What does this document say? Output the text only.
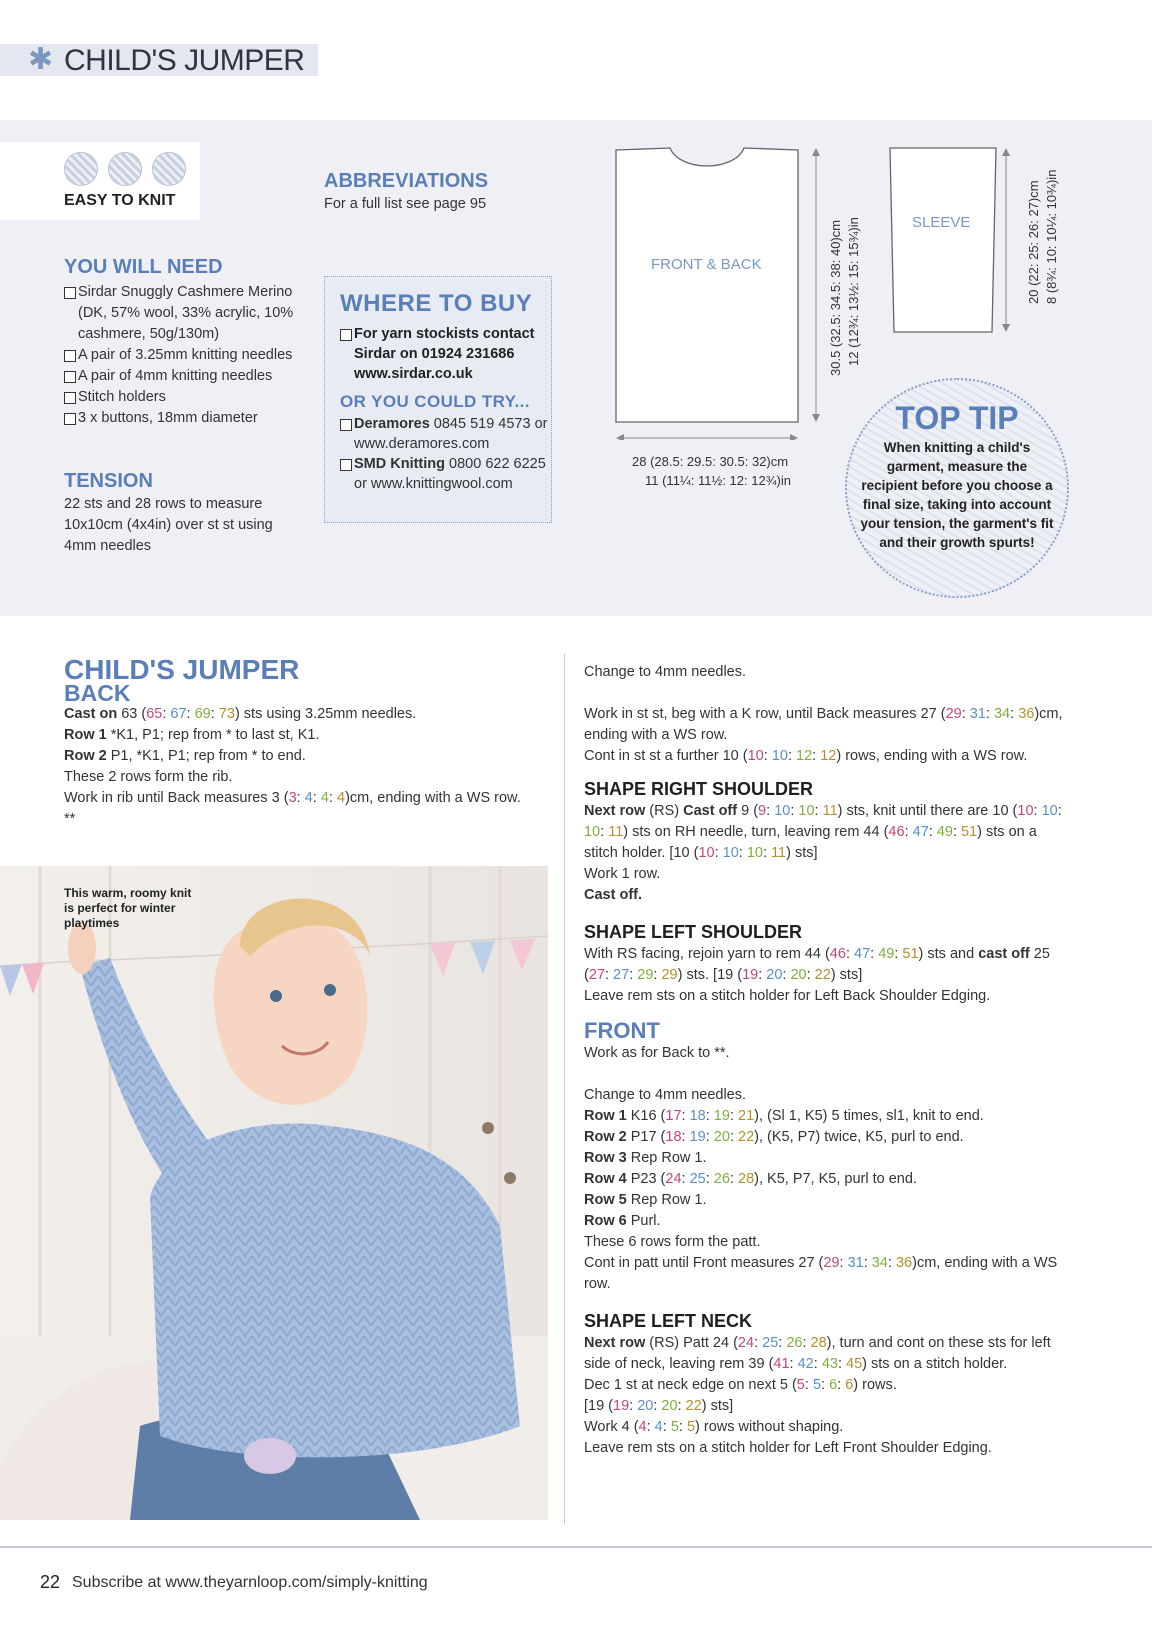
✱ CHILD'S JUMPER
EASY TO KNIT
YOU WILL NEED
Sirdar Snuggly Cashmere Merino (DK, 57% wool, 33% acrylic, 10% cashmere, 50g/130m)
A pair of 3.25mm knitting needles
A pair of 4mm knitting needles
Stitch holders
3 x buttons, 18mm diameter
TENSION
22 sts and 28 rows to measure 10x10cm (4x4in) over st st using 4mm needles
ABBREVIATIONS
For a full list see page 95
WHERE TO BUY
For yarn stockists contact Sirdar on 01924 231686 www.sirdar.co.uk
OR YOU COULD TRY...
Deramores 0845 519 4573 or www.deramores.com
SMD Knitting 0800 622 6225 or www.knittingwool.com
FRONT & BACK
SLEEVE
30.5 (32.5: 34.5: 38: 40)cm 12 (12¾: 13½: 15: 15¾)in
28 (28.5: 29.5: 30.5: 32)cm
11 (11¼: 11½: 12: 12¾)in
20 (22: 25: 26: 27)cm 8 (8¾: 10: 10¼: 10¾)in
TOP TIP
When knitting a child's garment, measure the recipient before you choose a final size, taking into account your tension, the garment's fit and their growth spurts!
CHILD'S JUMPER
BACK
Cast on 63 (65: 67: 69: 73) sts using 3.25mm needles.
Row 1 *K1, P1; rep from * to last st, K1.
Row 2 P1, *K1, P1; rep from * to end.
These 2 rows form the rib.
Work in rib until Back measures 3 (3: 4: 4: 4)cm, ending with a WS row. **
This warm, roomy knit is perfect for winter playtimes
Change to 4mm needles.
Work in st st, beg with a K row, until Back measures 27 (29: 31: 34: 36)cm, ending with a WS row.
Cont in st st a further 10 (10: 10: 12: 12) rows, ending with a WS row.
SHAPE RIGHT SHOULDER
Next row (RS) Cast off 9 (9: 10: 10: 11) sts, knit until there are 10 (10: 10: 10: 11) sts on RH needle, turn, leaving rem 44 (46: 47: 49: 51) sts on a stitch holder. [10 (10: 10: 10: 11) sts]
Work 1 row.
Cast off.
SHAPE LEFT SHOULDER
With RS facing, rejoin yarn to rem 44 (46: 47: 49: 51) sts and cast off 25 (27: 27: 29: 29) sts. [19 (19: 20: 20: 22) sts]
Leave rem sts on a stitch holder for Left Back Shoulder Edging.
FRONT
Work as for Back to **.
Change to 4mm needles.
Row 1 K16 (17: 18: 19: 21), (Sl 1, K5) 5 times, sl1, knit to end.
Row 2 P17 (18: 19: 20: 22), (K5, P7) twice, K5, purl to end.
Row 3 Rep Row 1.
Row 4 P23 (24: 25: 26: 28), K5, P7, K5, purl to end.
Row 5 Rep Row 1.
Row 6 Purl.
These 6 rows form the patt.
Cont in patt until Front measures 27 (29: 31: 34: 36)cm, ending with a WS row.
SHAPE LEFT NECK
Next row (RS) Patt 24 (24: 25: 26: 28), turn and cont on these sts for left side of neck, leaving rem 39 (41: 42: 43: 45) sts on a stitch holder.
Dec 1 st at neck edge on next 5 (5: 5: 6: 6) rows.
[19 (19: 20: 20: 22) sts]
Work 4 (4: 4: 5: 5) rows without shaping.
Leave rem sts on a stitch holder for Left Front Shoulder Edging.
22 Subscribe at www.theyarnloop.com/simply-knitting
